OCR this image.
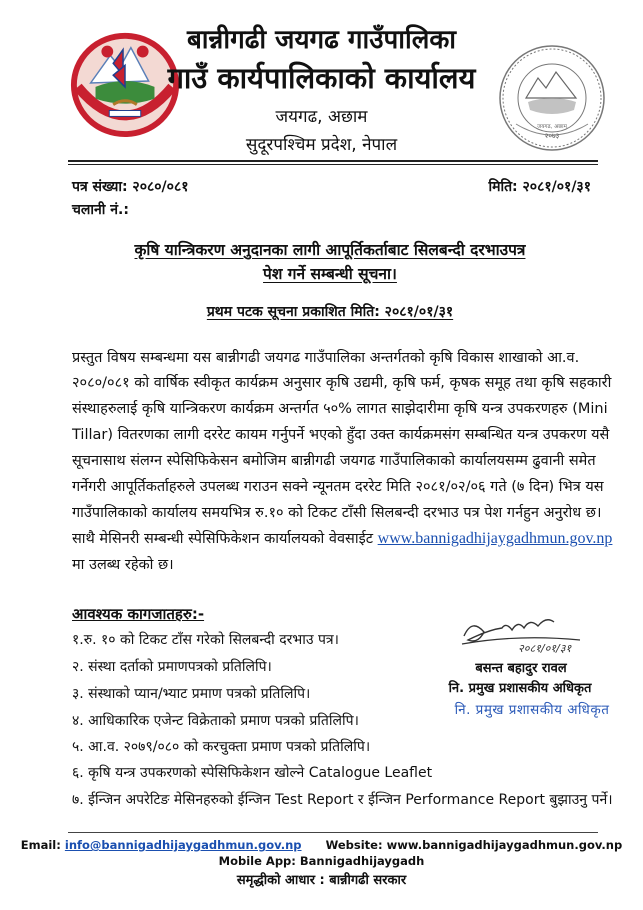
२०७३
जयगढ, अछाम
बान्नीगढी जयगढ गाउँपालिका
गाउँ कार्यपालिकाको कार्यालय
जयगढ, अछाम
सुदूरपश्चिम प्रदेश, नेपाल
पत्र संख्या: २०८०/०८१
चलानी नं.:
मिति: २०८१/०१/३१
कृषि यान्त्रिकरण अनुदानका लागी आपूर्तिकर्ताबाट सिलबन्दी दरभाउपत्र
पेश गर्ने सम्बन्धी सूचना।
प्रथम पटक सूचना प्रकाशित मिति: २०८१/०१/३१
प्रस्तुत विषय सम्बन्धमा यस बान्नीगढी जयगढ गाउँपालिका अन्तर्गतको कृषि विकास शाखाको आ.व.
२०८०/०८१ को वार्षिक स्वीकृत कार्यक्रम अनुसार कृषि उद्यमी, कृषि फर्म, कृषक समूह तथा कृषि सहकारी
संस्थाहरुलाई कृषि यान्त्रिकरण कार्यक्रम अन्तर्गत ५०% लागत साझेदारीमा कृषि यन्त्र उपकरणहरु (Mini
Tillar) वितरणका लागी दररेट कायम गर्नुपर्ने भएको हुँदा उक्त कार्यक्रमसंग सम्बन्धित यन्त्र उपकरण यसै
सूचनासाथ संलग्न स्पेसिफिकेसन बमोजिम बान्नीगढी जयगढ गाउँपालिकाको कार्यालयसम्म ढुवानी समेत
गर्नेगरी आपूर्तिकर्ताहरुले उपलब्ध गराउन सक्ने न्यूनतम दररेट मिति २०८१/०२/०६ गते (७ दिन) भित्र यस
गाउँपालिकाको कार्यालय समयभित्र रु.१० को टिकट टाँसी सिलबन्दी दरभाउ पत्र पेश गर्नहुन अनुरोध छ।
साथै मेसिनरी सम्बन्धी स्पेसिफिकेशन कार्यालयको वेवसाईट www.bannigadhijaygadhmun.gov.np
मा उलब्ध रहेको छ।
आवश्यक कागजातहरु:-
१.रु. १० को टिकट टाँस गरेको सिलबन्दी दरभाउ पत्र।
२. संस्था दर्ताको प्रमाणपत्रको प्रतिलिपि।
३. संस्थाको प्यान/भ्याट प्रमाण पत्रको प्रतिलिपि।
४. आधिकारिक एजेन्ट विक्रेताको प्रमाण पत्रको प्रतिलिपि।
५. आ.व. २०७९/०८० को करचुक्ता प्रमाण पत्रको प्रतिलिपि।
६. कृषि यन्त्र उपकरणको स्पेसिफिकेशन खोल्ने Catalogue Leaflet
७. ईन्जिन अपरेटिङ मेसिनहरुको ईन्जिन Test Report र ईन्जिन Performance Report बुझाउनु पर्ने।
२०८१/०१/३१
बसन्त बहादुर रावल
नि. प्रमुख प्रशासकीय अधिकृत
नि. प्रमुख प्रशासकीय अधिकृत
Email: info@bannigadhijaygadhmun.gov.np Website: www.bannigadhijaygadhmun.gov.np
Mobile App: Bannigadhijaygadh
समृद्धीको आधार : बान्नीगढी सरकार
